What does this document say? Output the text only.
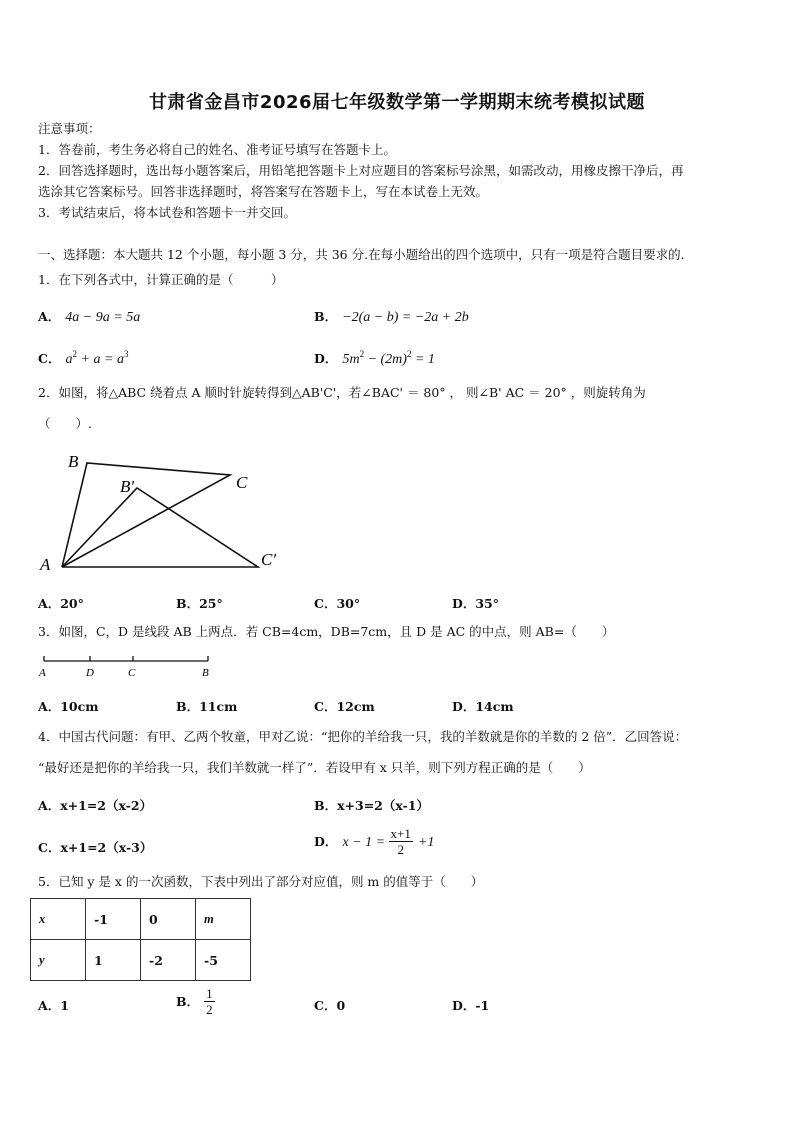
甘肃省金昌市2026届七年级数学第一学期期末统考模拟试题
注意事项：
1．答卷前，考生务必将自己的姓名、准考证号填写在答题卡上。
2．回答选择题时，选出每小题答案后，用铅笔把答题卡上对应题目的答案标号涂黑，如需改动，用橡皮擦干净后，再
选涂其它答案标号。回答非选择题时，将答案写在答题卡上，写在本试卷上无效。
3．考试结束后，将本试卷和答题卡一并交回。
一、选择题：本大题共 12 个小题，每小题 3 分，共 36 分.在每小题给出的四个选项中，只有一项是符合题目要求的.
1．在下列各式中，计算正确的是（　　　）
A． 4a − 9a = 5a	B． −2(a − b) = −2a + 2b
C． $a^2 + a = a^3$	D． $5m^2 - (2m)^2 = 1$
2．如图，将△ABC 绕着点 A 顺时针旋转得到△AB'C'，若∠BAC' ＝ 80° ， 则∠B' AC ＝ 20° ，则旋转角为
（　　）.
B
B′	C
C′
A
A．20°	B．25°	C．30°	D．35°
3．如图，C，D 是线段 AB 上两点．若 CB=4cm，DB=7cm，且 D 是 AC 的中点，则 AB=（　　）
A	D	C	B
A．10cm	B．11cm	C．12cm	D．14cm
4．中国古代问题：有甲、乙两个牧童，甲对乙说：“把你的羊给我一只，我的羊数就是你的羊数的 2 倍”．乙回答说：
“最好还是把你的羊给我一只，我们羊数就一样了”．若设甲有 x 只羊，则下列方程正确的是（　　）
A．x+1=2（x-2）	B．x+3=2（x-1）
C．x+1=2（x-3）	D． $x - 1 = \frac{x+1}{2} +1$
5．已知 y 是 x 的一次函数，下表中列出了部分对应值，则 m 的值等于（　　）
x	-1	0	m
y	1	-2	-5
A．1	B． $\frac{1}{2}$	C．0	D．-1
